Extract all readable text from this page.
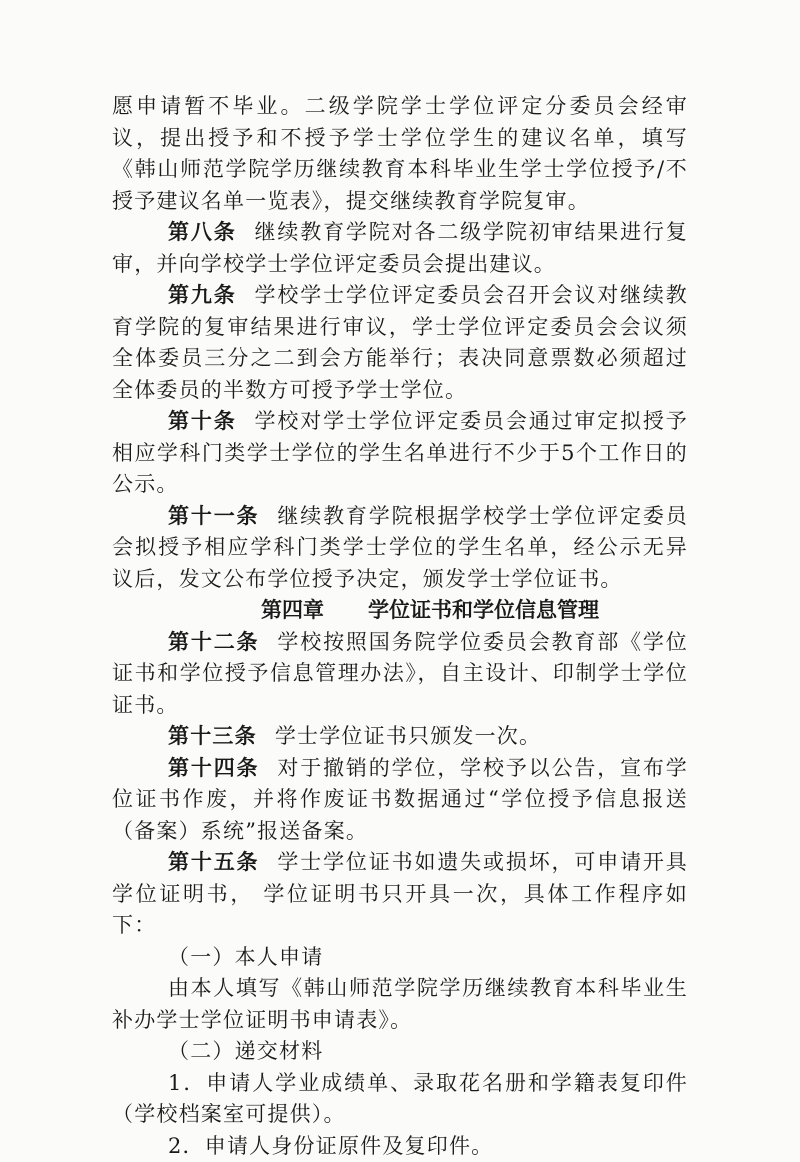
愿申请暂不毕业。二级学院学士学位评定分委员会经审议，提出授予和不授予学士学位学生的建议名单，填写《韩山师范学院学历继续教育本科毕业生学士学位授予/不授予建议名单一览表》，提交继续教育学院复审。

第八条 继续教育学院对各二级学院初审结果进行复审，并向学校学士学位评定委员会提出建议。

第九条 学校学士学位评定委员会召开会议对继续教育学院的复审结果进行审议，学士学位评定委员会会议须全体委员三分之二到会方能举行；表决同意票数必须超过全体委员的半数方可授予学士学位。

第十条 学校对学士学位评定委员会通过审定拟授予相应学科门类学士学位的学生名单进行不少于5个工作日的公示。

第十一条 继续教育学院根据学校学士学位评定委员会拟授予相应学科门类学士学位的学生名单，经公示无异议后，发文公布学位授予决定，颁发学士学位证书。

第四章 学位证书和学位信息管理

第十二条 学校按照国务院学位委员会教育部《学位证书和学位授予信息管理办法》，自主设计、印制学士学位证书。

第十三条 学士学位证书只颁发一次。

第十四条 对于撤销的学位，学校予以公告，宣布学位证书作废，并将作废证书数据通过“学位授予信息报送（备案）系统”报送备案。

第十五条 学士学位证书如遗失或损坏，可申请开具学位证明书， 学位证明书只开具一次，具体工作程序如下：

（一）本人申请

由本人填写《韩山师范学院学历继续教育本科毕业生补办学士学位证明书申请表》。

（二）递交材料

1．申请人学业成绩单、录取花名册和学籍表复印件（学校档案室可提供）。

2．申请人身份证原件及复印件。
